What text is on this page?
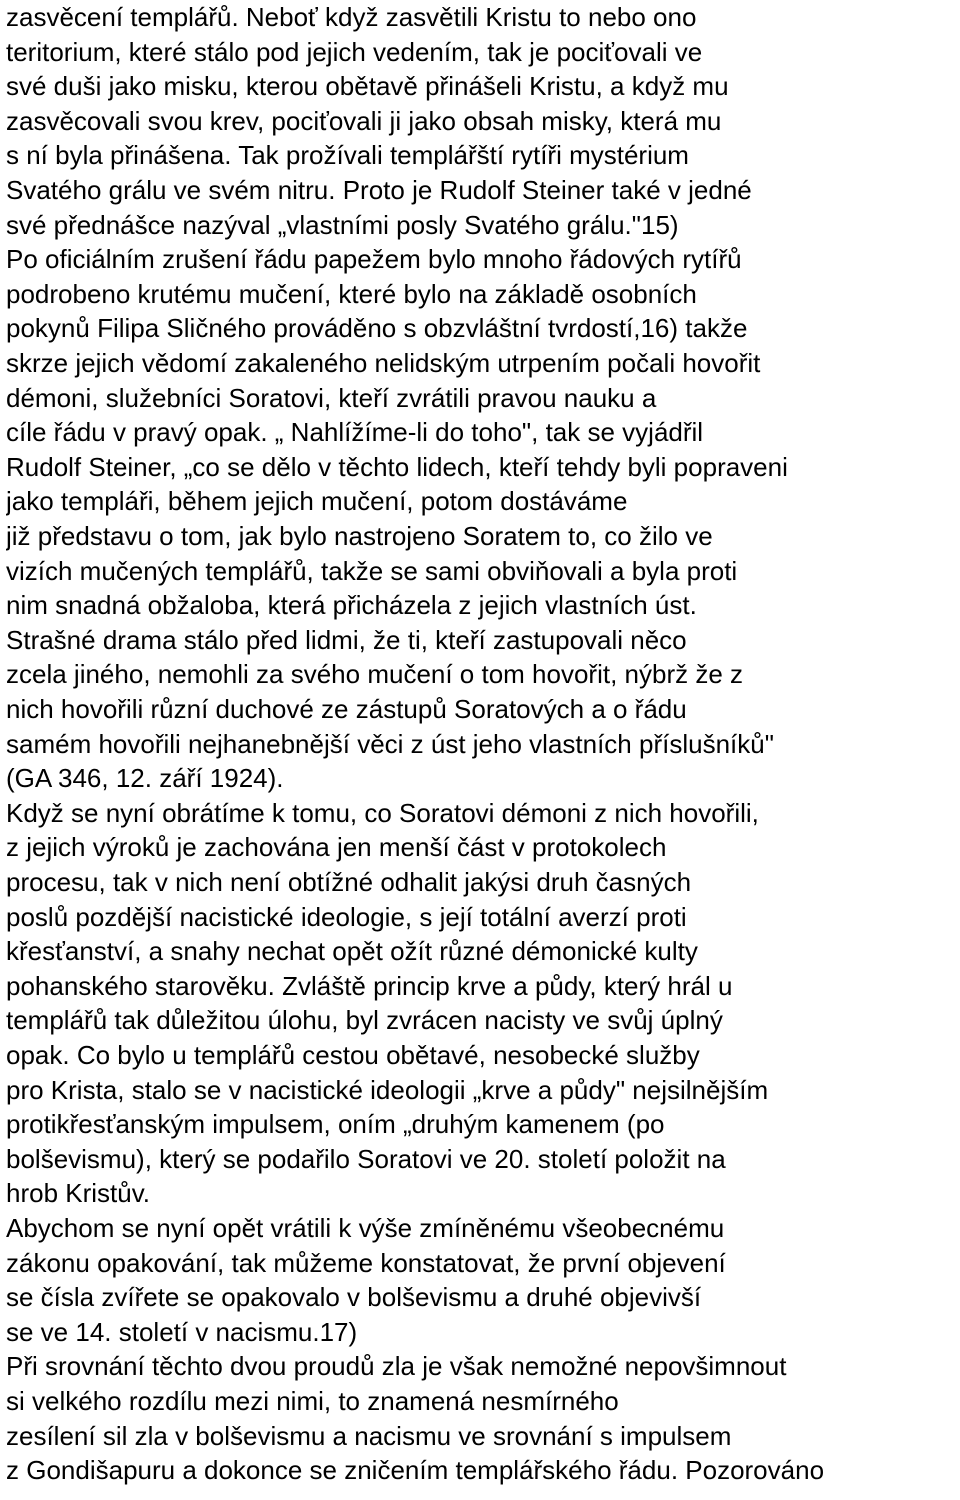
zasvěcení templářů. Neboť když zasvětili Kristu to nebo ono
teritorium, které stálo pod jejich vedením, tak je pociťovali ve
své duši jako misku, kterou obětavě přinášeli Kristu, a když mu
zasvěcovali svou krev, pociťovali ji jako obsah misky, která mu
s ní byla přinášena. Tak prožívali templářští rytíři mystérium
Svatého grálu ve svém nitru. Proto je Rudolf Steiner také v jedné
své přednášce nazýval „vlastními posly Svatého grálu."15)
Po oficiálním zrušení řádu papežem bylo mnoho řádových rytířů
podrobeno krutému mučení, které bylo na základě osobních
pokynů Filipa Sličného prováděno s obzvláštní tvrdostí,16) takže
skrze jejich vědomí zakaleného nelidským utrpením počali hovořit
démoni, služebníci Soratovi, kteří zvrátili pravou nauku a
cíle řádu v pravý opak. „ Nahlížíme-li do toho", tak se vyjádřil
Rudolf Steiner, „co se dělo v těchto lidech, kteří tehdy byli popraveni
jako templáři, během jejich mučení, potom dostáváme
již představu o tom, jak bylo nastrojeno Soratem to, co žilo ve
vizích mučených templářů, takže se sami obviňovali a byla proti
nim snadná obžaloba, která přicházela z jejich vlastních úst.
Strašné drama stálo před lidmi, že ti, kteří zastupovali něco
zcela jiného, nemohli za svého mučení o tom hovořit, nýbrž že z
nich hovořili různí duchové ze zástupů Soratových a o řádu
samém hovořili nejhanebnější věci z úst jeho vlastních příslušníků"
(GA 346, 12. září 1924).
Když se nyní obrátíme k tomu, co Soratovi démoni z nich hovořili,
z jejich výroků je zachována jen menší část v protokolech
procesu, tak v nich není obtížné odhalit jakýsi druh časných
poslů pozdější nacistické ideologie, s její totální averzí proti
křesťanství, a snahy nechat opět ožít různé démonické kulty
pohanského starověku. Zvláště princip krve a půdy, který hrál u
templářů tak důležitou úlohu, byl zvrácen nacisty ve svůj úplný
opak. Co bylo u templářů cestou obětavé, nesobecké služby
pro Krista, stalo se v nacistické ideologii „krve a půdy" nejsilnějším
protikřesťanským impulsem, oním „druhým kamenem (po
bolševismu), který se podařilo Soratovi ve 20. století položit na
hrob Kristův.
Abychom se nyní opět vrátili k výše zmíněnému všeobecnému
zákonu opakování, tak můžeme konstatovat, že první objevení
se čísla zvířete se opakovalo v bolševismu a druhé objevivší
se ve 14. století v nacismu.17)
Při srovnání těchto dvou proudů zla je však nemožné nepovšimnout
si velkého rozdílu mezi nimi, to znamená nesmírného
zesílení sil zla v bolševismu a nacismu ve srovnání s impulsem
z Gondišapuru a dokonce se zničením templářského řádu. Pozorováno
